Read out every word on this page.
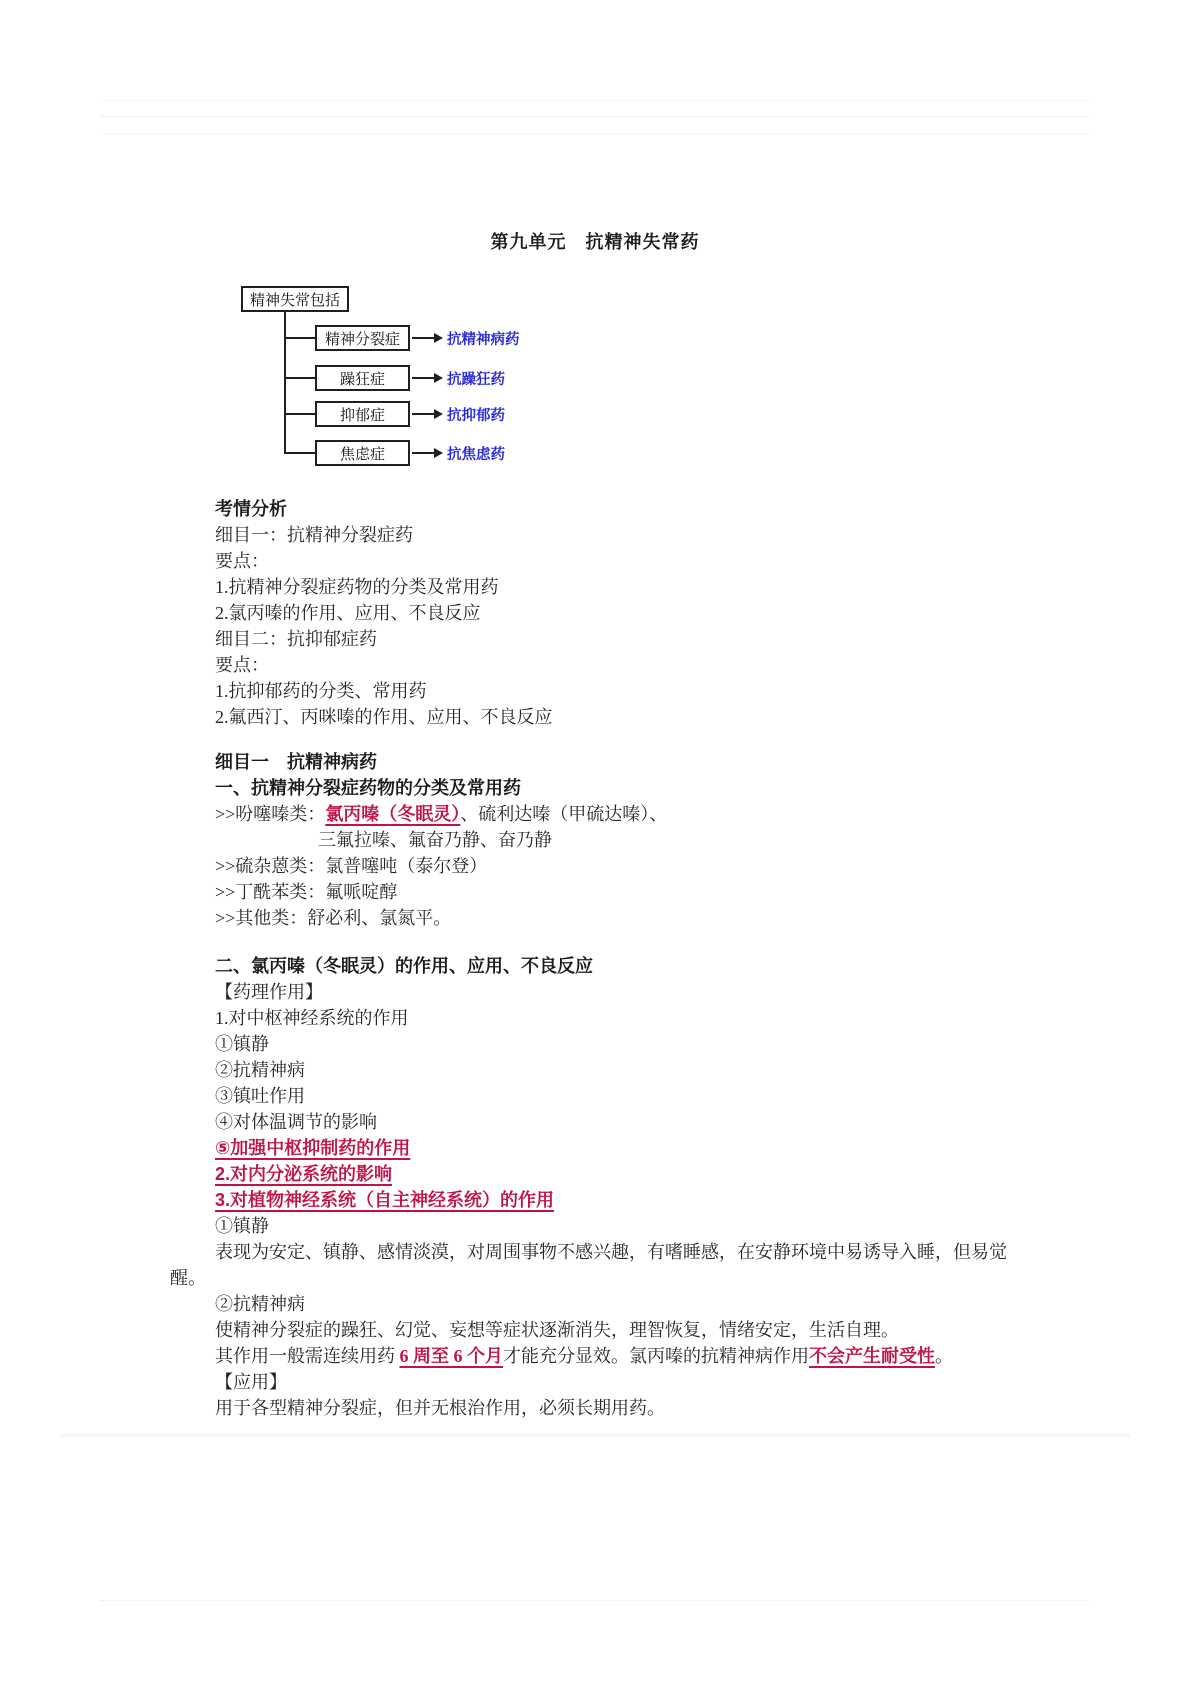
第九单元　抗精神失常药
精神失常包括
精神分裂症	抗精神病药
躁狂症	抗躁狂药
抑郁症	抗抑郁药
焦虑症	抗焦虑药
考情分析
细目一：抗精神分裂症药
要点：
1.抗精神分裂症药物的分类及常用药
2.氯丙嗪的作用、应用、不良反应
细目二：抗抑郁症药
要点：
1.抗抑郁药的分类、常用药
2.氟西汀、丙咪嗪的作用、应用、不良反应
细目一　抗精神病药
一、抗精神分裂症药物的分类及常用药
>>吩噻嗪类：氯丙嗪（冬眠灵）、硫利达嗪（甲硫达嗪）、
三氟拉嗪、氟奋乃静、奋乃静
>>硫杂蒽类：氯普噻吨（泰尔登）
>>丁酰苯类：氟哌啶醇
>>其他类：舒必利、氯氮平。
二、氯丙嗪（冬眠灵）的作用、应用、不良反应
【药理作用】
1.对中枢神经系统的作用
①镇静
②抗精神病
③镇吐作用
④对体温调节的影响
⑤加强中枢抑制药的作用
2.对内分泌系统的影响
3.对植物神经系统（自主神经系统）的作用
①镇静
表现为安定、镇静、感情淡漠，对周围事物不感兴趣，有嗜睡感，在安静环境中易诱导入睡，但易觉
醒。
②抗精神病
使精神分裂症的躁狂、幻觉、妄想等症状逐渐消失，理智恢复，情绪安定，生活自理。
其作用一般需连续用药 6 周至 6 个月才能充分显效。氯丙嗪的抗精神病作用不会产生耐受性。
【应用】
用于各型精神分裂症，但并无根治作用，必须长期用药。
